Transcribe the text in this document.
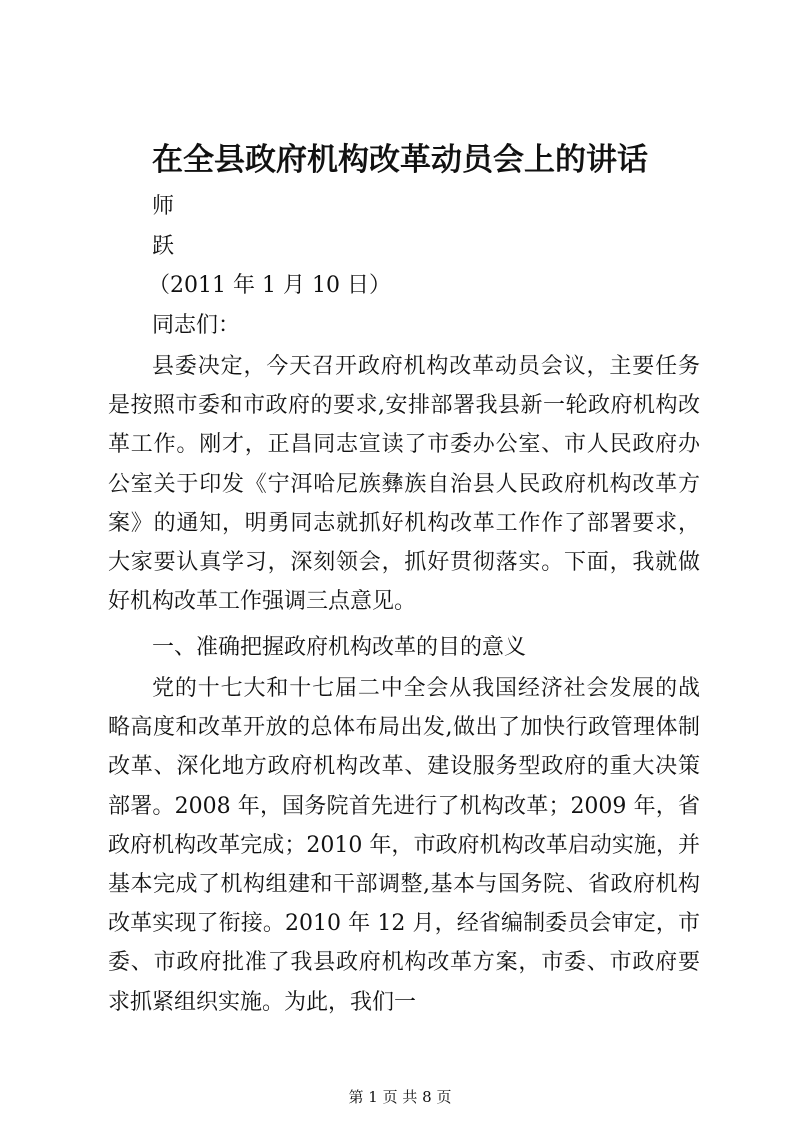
在全县政府机构改革动员会上的讲话
师
跃
（2011 年 1 月 10 日）
同志们：
县委决定，今天召开政府机构改革动员会议，主要任务是按照市委和市政府的要求,安排部署我县新一轮政府机构改革工作。刚才，正昌同志宣读了市委办公室、市人民政府办公室关于印发《宁洱哈尼族彝族自治县人民政府机构改革方案》的通知，明勇同志就抓好机构改革工作作了部署要求，大家要认真学习，深刻领会，抓好贯彻落实。下面，我就做好机构改革工作强调三点意见。
一、准确把握政府机构改革的目的意义
党的十七大和十七届二中全会从我国经济社会发展的战略高度和改革开放的总体布局出发,做出了加快行政管理体制改革、深化地方政府机构改革、建设服务型政府的重大决策部署。2008 年，国务院首先进行了机构改革；2009 年，省政府机构改革完成；2010 年，市政府机构改革启动实施，并基本完成了机构组建和干部调整,基本与国务院、省政府机构改革实现了衔接。2010 年 12 月，经省编制委员会审定，市委、市政府批准了我县政府机构改革方案，市委、市政府要求抓紧组织实施。为此，我们一
第 1 页 共 8 页
